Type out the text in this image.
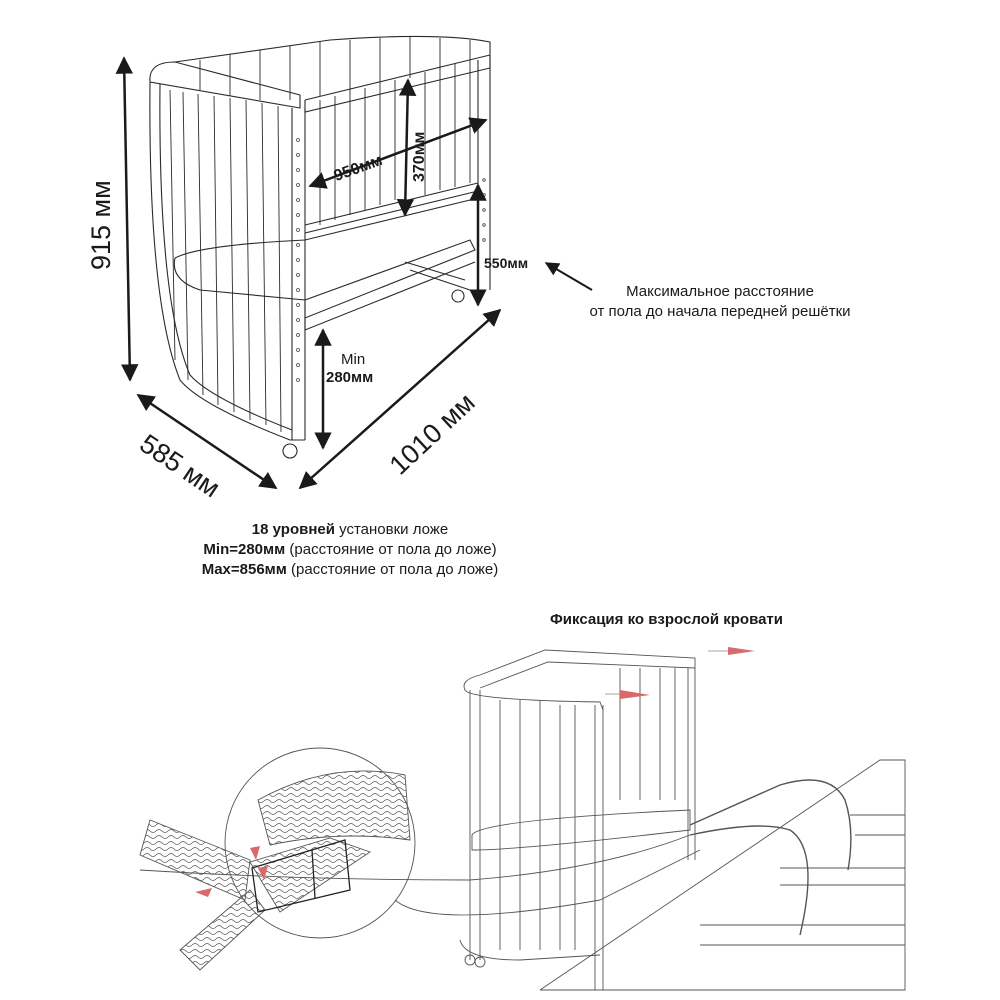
915 мм
585 мм	1010 мм
950мм 370мм
550мм
Min
280мм
Максимальное расстояние
от пола до начала передней решётки
18 уровней установки ложе
Min=280мм (расстояние от пола до ложе)
Max=856мм (расстояние от пола до ложе)
Фиксация ко взрослой кровати
